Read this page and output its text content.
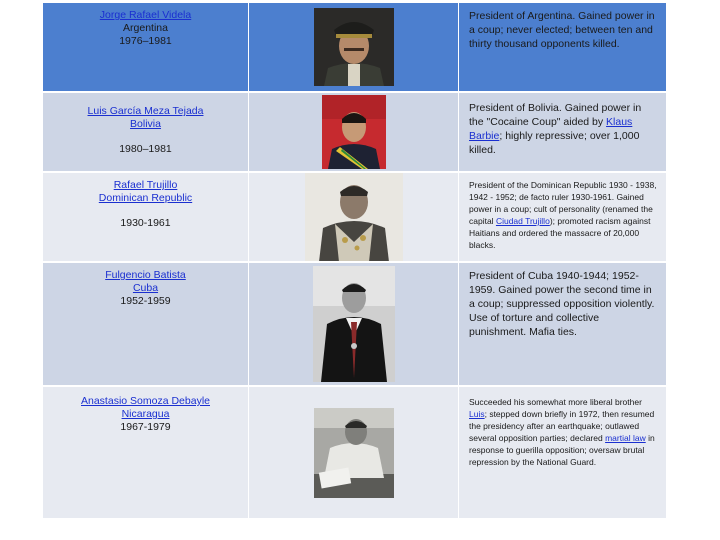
Jorge Rafael Videla
Argentina
1976–1981
President of Argentina. Gained power in a coup; never elected; between ten and thirty thousand opponents killed.
Luis García Meza Tejada
Bolivia
1980–1981
President of Bolivia. Gained power in the "Cocaine Coup" aided by Klaus Barbie; highly repressive; over 1,000 killed.
Rafael Trujillo
Dominican Republic
1930-1961
President of the Dominican Republic 1930 - 1938, 1942 - 1952; de facto ruler 1930-1961. Gained power in a coup; cult of personality (renamed the capital Ciudad Trujillo); promoted racism against Haitians and ordered the massacre of 20,000 blacks.
Fulgencio Batista
Cuba
1952-1959
President of Cuba 1940-1944; 1952-1959. Gained power the second time in a coup; suppressed opposition violently. Use of torture and collective punishment. Mafia ties.
Anastasio Somoza Debayle
Nicaragua
1967-1979
Succeeded his somewhat more liberal brother Luis; stepped down briefly in 1972, then resumed the presidency after an earthquake; outlawed several opposition parties; declared martial law in response to guerilla opposition; oversaw brutal repression by the National Guard.
